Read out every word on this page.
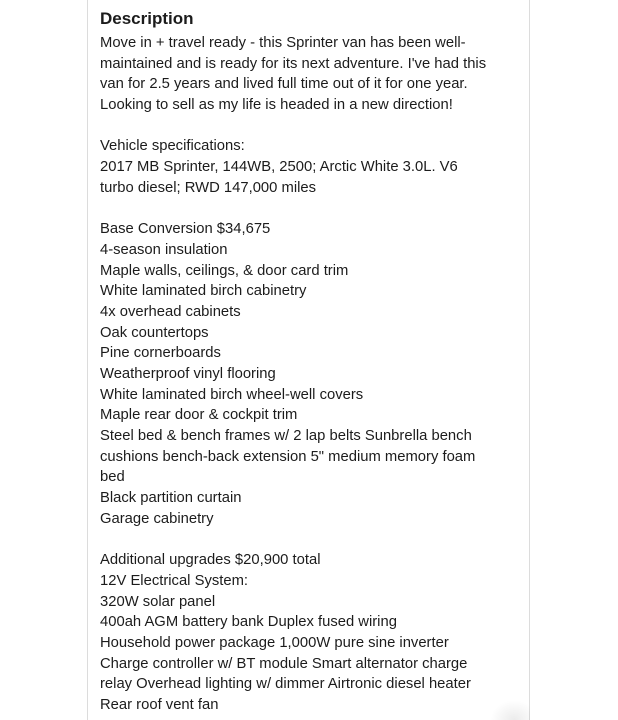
Description
Move in + travel ready - this Sprinter van has been well-
maintained and is ready for its next adventure. I've had this
van for 2.5 years and lived full time out of it for one year.
Looking to sell as my life is headed in a new direction!
Vehicle specifications:
2017 MB Sprinter, 144WB, 2500; Arctic White 3.0L. V6
turbo diesel; RWD 147,000 miles
Base Conversion $34,675
4-season insulation
Maple walls, ceilings, & door card trim
White laminated birch cabinetry
4x overhead cabinets
Oak countertops
Pine cornerboards
Weatherproof vinyl flooring
White laminated birch wheel-well covers
Maple rear door & cockpit trim
Steel bed & bench frames w/ 2 lap belts Sunbrella bench
cushions bench-back extension 5" medium memory foam
bed
Black partition curtain
Garage cabinetry
Additional upgrades $20,900 total
12V Electrical System:
320W solar panel
400ah AGM battery bank Duplex fused wiring
Household power package 1,000W pure sine inverter
Charge controller w/ BT module Smart alternator charge
relay Overhead lighting w/ dimmer Airtronic diesel heater
Rear roof vent fan
